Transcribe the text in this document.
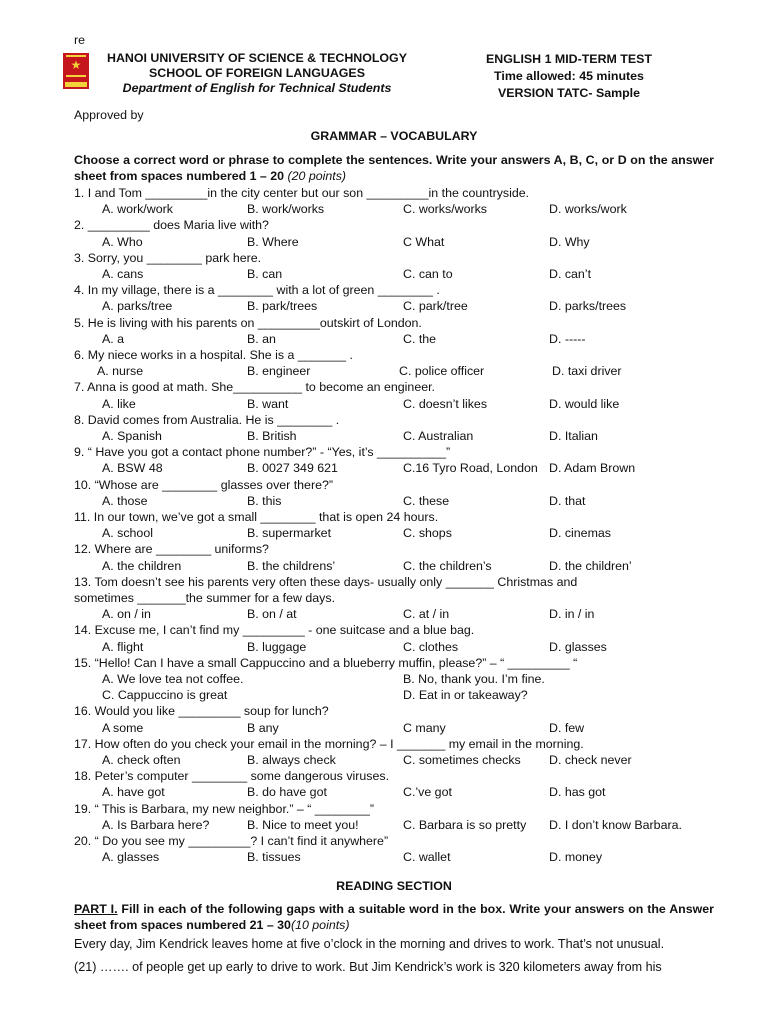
re
★	HANOI UNIVERSITY OF SCIENCE & TECHNOLOGY
SCHOOL OF FOREIGN LANGUAGES
Department of English for Technical Students
ENGLISH 1 MID-TERM TEST
Time allowed: 45 minutes
VERSION TATC- Sample
Approved by
GRAMMAR – VOCABULARY
Choose a correct word or phrase to complete the sentences. Write your answers A, B, C, or D on the answer sheet from spaces numbered 1 – 20 (20 points)
1. I and Tom _________in the city center but our son _________in the countryside.
A. work/work	B. work/works	C. works/works	D. works/work
2. _________ does Maria live with?
A. Who	B. Where	C What	D. Why
3. Sorry, you ________ park here.
A. cans	B. can	C. can to	D. can’t
4. In my village, there is a ________ with a lot of green ________ .
A. parks/tree	B. park/trees	C. park/tree	D. parks/trees
5. He is living with his parents on _________outskirt of London.
A. a	B. an	C. the	D. -----
6. My niece works in a hospital. She is a _______ .
A. nurse	B. engineer	C. police officer	D. taxi driver
7. Anna is good at math. She__________ to become an engineer.
A. like	B. want	C. doesn’t likes	D. would like
8. David comes from Australia. He is ________ .
A. Spanish	B. British	C. Australian	D. Italian
9. “ Have you got a contact phone number?” - “Yes, it’s __________”
A. BSW 48	B. 0027 349 621	C.16 Tyro Road, London D. Adam Brown
10. “Whose are ________ glasses over there?”
A. those	B. this	C. these	D. that
11. In our town, we’ve got a small ________ that is open 24 hours.
A. school	B. supermarket	C. shops	D. cinemas
12. Where are ________ uniforms?
A. the children	B. the childrens’	C. the children’s	D. the children’
13. Tom doesn’t see his parents very often these days- usually only _______ Christmas and
sometimes _______the summer for a few days.
A. on / in	B. on / at	C. at / in	D. in / in
14. Excuse me, I can’t find my _________ - one suitcase and a blue bag.
A. flight	B. luggage	C. clothes	D. glasses
15. “Hello! Can I have a small Cappuccino and a blueberry muffin, please?” – “ _________ “
A. We love tea not coffee.	B. No, thank you. I’m fine.
C. Cappuccino is great	D. Eat in or takeaway?
16. Would you like _________ soup for lunch?
A some	B any	C many	D. few
17. How often do you check your email in the morning? – I _______ my email in the morning.
A. check often	B. always check	C. sometimes checks D. check never
18. Peter’s computer ________ some dangerous viruses.
A. have got	B. do have got	C.’ve got	D. has got
19. “ This is Barbara, my new neighbor.” – “ ________”
A. Is Barbara here?	B. Nice to meet you!	C. Barbara is so pretty D. I don’t know Barbara.
20. “ Do you see my _________? I can’t find it anywhere”
A. glasses	B. tissues	C. wallet	D. money
READING SECTION
PART I. Fill in each of the following gaps with a suitable word in the box. Write your answers on the Answer sheet from spaces numbered 21 – 30(10 points)
Every day, Jim Kendrick leaves home at five o’clock in the morning and drives to work. That’s not unusual.
(21) ……. of people get up early to drive to work. But Jim Kendrick’s work is 320 kilometers away from his
